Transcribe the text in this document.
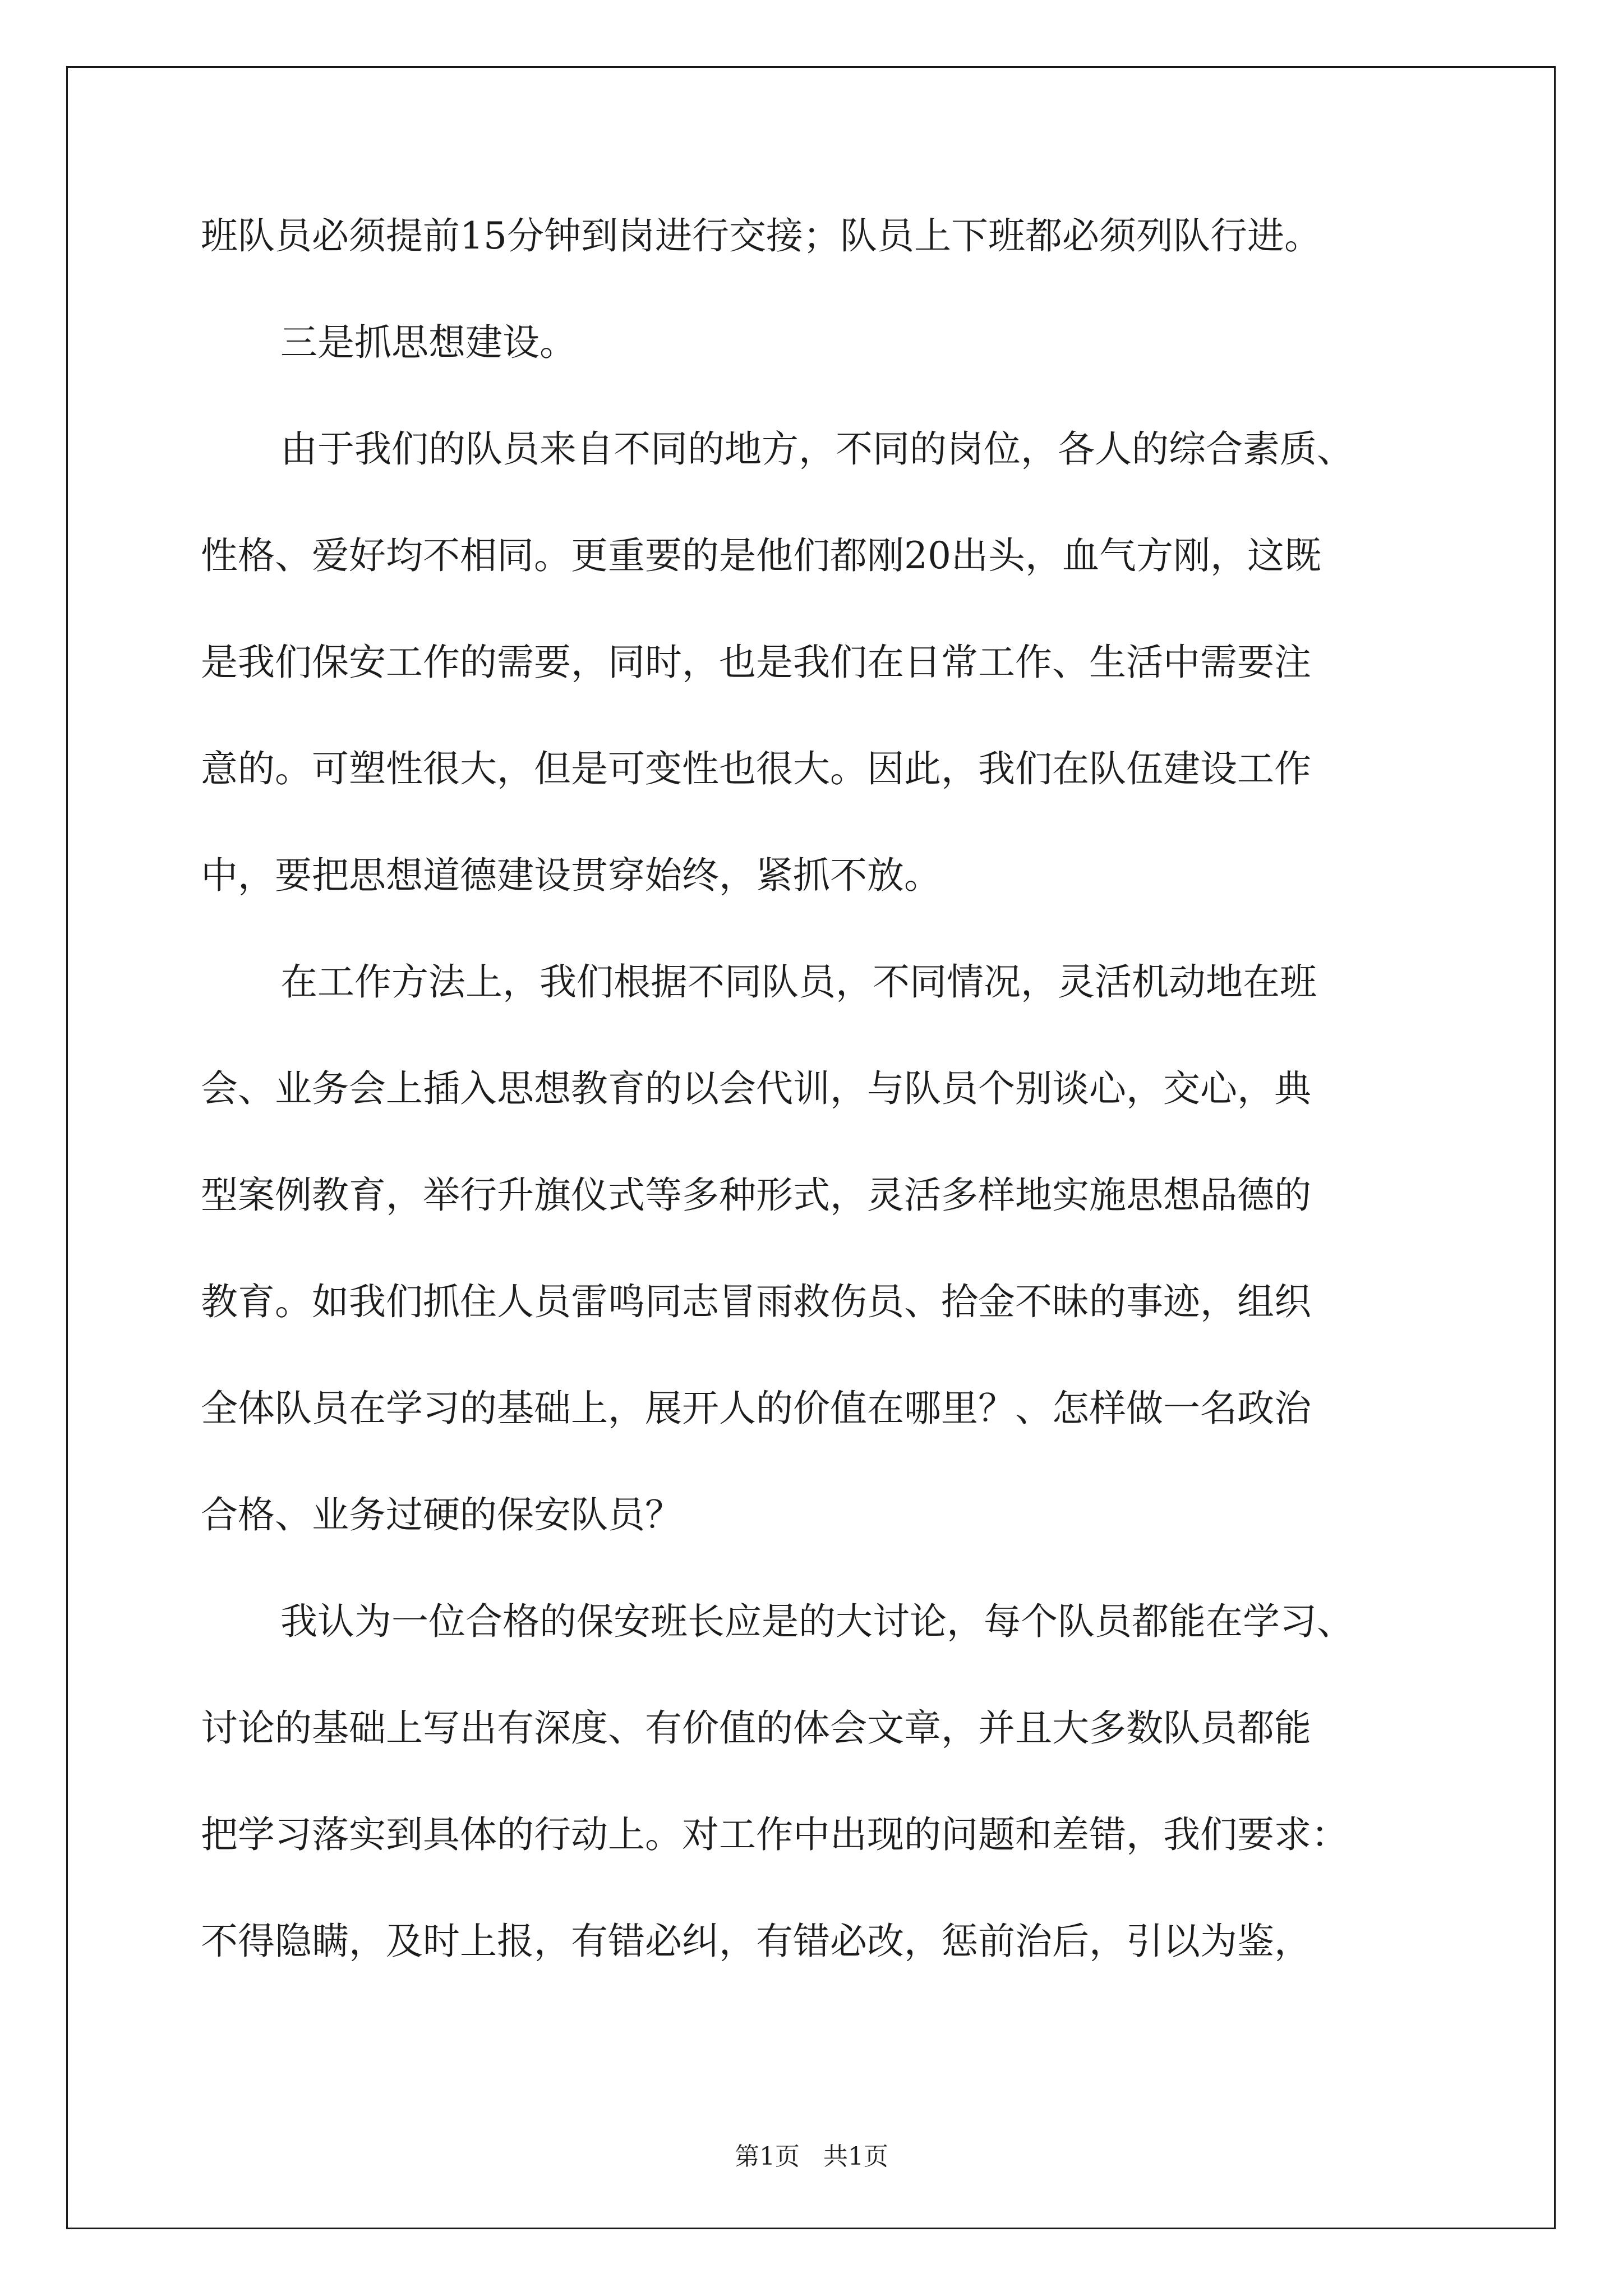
班队员必须提前15分钟到岗进行交接；队员上下班都必须列队行进。

三是抓思想建设。

由于我们的队员来自不同的地方，不同的岗位，各人的综合素质、

性格、爱好均不相同。更重要的是他们都刚20出头，血气方刚，这既

是我们保安工作的需要，同时，也是我们在日常工作、生活中需要注

意的。可塑性很大，但是可变性也很大。因此，我们在队伍建设工作

中，要把思想道德建设贯穿始终，紧抓不放。

在工作方法上，我们根据不同队员，不同情况，灵活机动地在班

会、业务会上插入思想教育的以会代训，与队员个别谈心，交心，典

型案例教育，举行升旗仪式等多种形式，灵活多样地实施思想品德的

教育。如我们抓住人员雷鸣同志冒雨救伤员、拾金不昧的事迹，组织

全体队员在学习的基础上，展开人的价值在哪里？、怎样做一名政治

合格、业务过硬的保安队员？

我认为一位合格的保安班长应是的大讨论，每个队员都能在学习、

讨论的基础上写出有深度、有价值的体会文章，并且大多数队员都能

把学习落实到具体的行动上。对工作中出现的问题和差错，我们要求：

不得隐瞒，及时上报，有错必纠，有错必改，惩前治后，引以为鉴，

第1页   共1页
